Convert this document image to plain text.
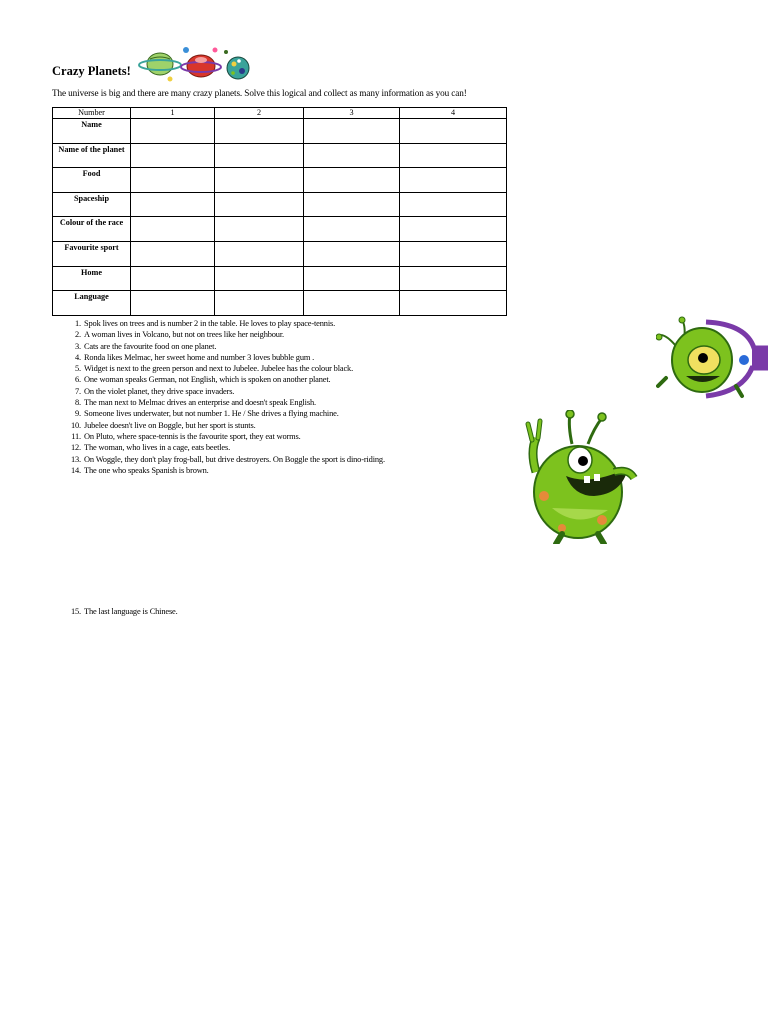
Crazy Planets!

The universe is big and there are many crazy planets. Solve this logical and collect as many information as you can!

Number	1	2	3	4
Name				
Name of the planet				
Food				
Spaceship				
Colour of the race				
Favourite sport				
Home				
Language				
1. Spok lives on trees and is number 2 in the table. He loves to play space-tennis.
2. A woman lives in Volcano, but not on trees like her neighbour.
3. Cats are the favourite food on one planet.
4. Ronda likes Melmac, her sweet home and number 3 loves bubble gum .
5. Widget is next to the green person and next to Jubelee. Jubelee has the colour black.
6. One woman speaks German, not English, which is spoken on another planet.
7. On the violet planet, they drive space invaders.
8. The man next to Melmac drives an enterprise and doesn't speak English.
9. Someone lives underwater, but not number 1. He / She drives a flying machine.
10. Jubelee doesn't live on Boggle, but her sport is stunts.
11. On Pluto, where space-tennis is the favourite sport, they eat worms.
12. The woman, who lives in a cage, eats beetles.
13. On Woggle, they don't play frog-ball, but drive destroyers. On Boggle the sport is dino-riding.
14. The one who speaks Spanish is brown.
15. The last language is Chinese.
